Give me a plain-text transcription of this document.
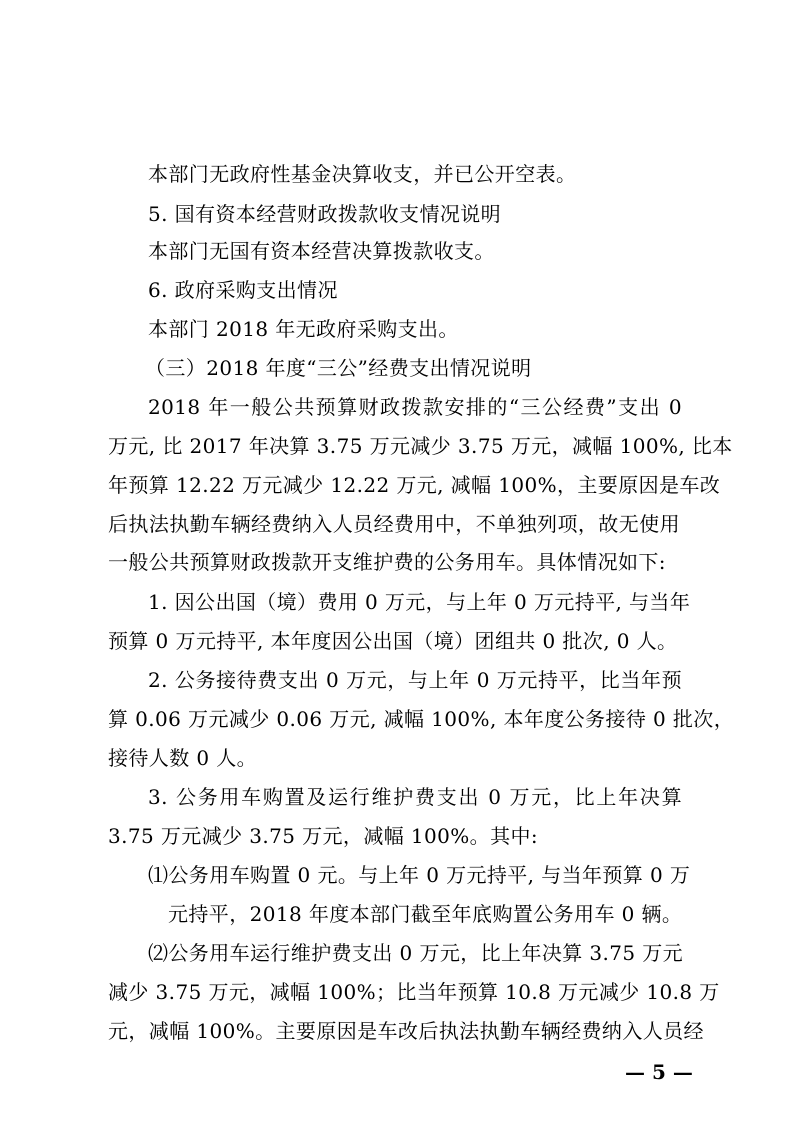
本部门无政府性基金决算收支，并已公开空表。
5. 国有资本经营财政拨款收支情况说明
本部门无国有资本经营决算拨款收支。
6. 政府采购支出情况
本部门 2018 年无政府采购支出。
（三）2018 年度“三公”经费支出情况说明
2018 年一般公共预算财政拨款安排的“三公经费”支出 0
万元, 比 2017 年决算 3.75 万元减少 3.75 万元，减幅 100%, 比本
年预算 12.22 万元减少 12.22 万元, 减幅 100%，主要原因是车改
后执法执勤车辆经费纳入人员经费用中，不单独列项，故无使用
一般公共预算财政拨款开支维护费的公务用车。具体情况如下:
1. 因公出国（境）费用 0 万元，与上年 0 万元持平, 与当年
预算 0 万元持平, 本年度因公出国（境）团组共 0 批次, 0 人。
2. 公务接待费支出 0 万元，与上年 0 万元持平，比当年预
算 0.06 万元减少 0.06 万元, 减幅 100%, 本年度公务接待 0 批次，
接待人数 0 人。
3. 公务用车购置及运行维护费支出 0 万元，比上年决算
3.75 万元减少 3.75 万元，减幅 100%。其中:
⑴公务用车购置 0 元。与上年 0 万元持平, 与当年预算 0 万
元持平，2018 年度本部门截至年底购置公务用车 0 辆。
⑵公务用车运行维护费支出 0 万元，比上年决算 3.75 万元
减少 3.75 万元，减幅 100%；比当年预算 10.8 万元减少 10.8 万
元，减幅 100%。主要原因是车改后执法执勤车辆经费纳入人员经
— 5 —
